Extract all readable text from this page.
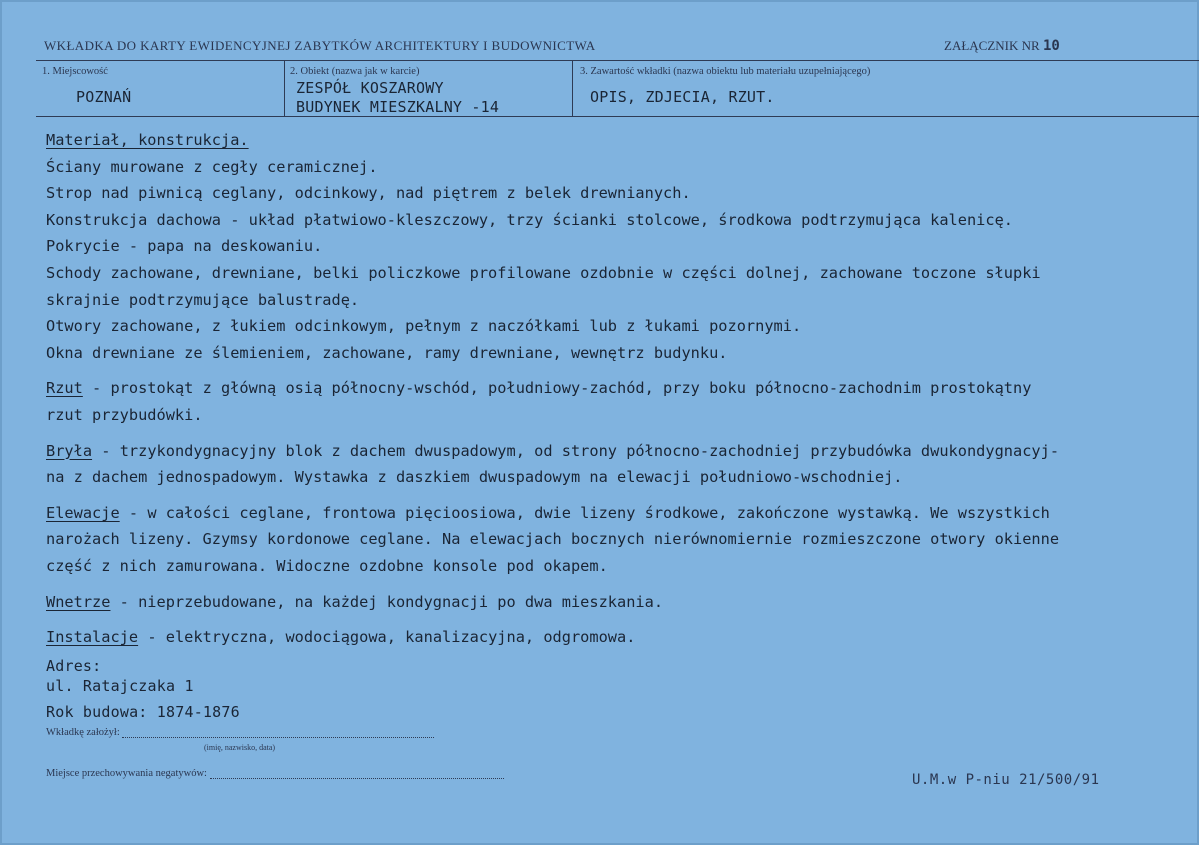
WKŁADKA DO KARTY EWIDENCYJNEJ ZABYTKÓW ARCHITEKTURY I BUDOWNICTWA	ZAŁĄCZNIK NR 10
1. Miejscowość
POZNAŃ
2. Obiekt (nazwa jak w karcie)
ZESPÓŁ KOSZAROWY
BUDYNEK MIESZKALNY -14
3. Zawartość wkładki (nazwa obiektu lub materiału uzupełniającego)
OPIS, ZDJECIA, RZUT.

Materiał, konstrukcja.

Ściany murowane z cegły ceramicznej.

Strop nad piwnicą ceglany, odcinkowy, nad piętrem z belek drewnianych.

Konstrukcja dachowa - układ płatwiowo-kleszczowy, trzy ścianki stolcowe, środkowa podtrzymująca kalenicę.

Pokrycie - papa na deskowaniu.

Schody zachowane, drewniane, belki policzkowe profilowane ozdobnie w części dolnej, zachowane toczone słupki

skrajnie podtrzymujące balustradę.

Otwory zachowane, z łukiem odcinkowym, pełnym z naczółkami lub z łukami pozornymi.

Okna drewniane ze ślemieniem, zachowane, ramy drewniane, wewnętrz budynku.

Rzut - prostokąt z główną osią północny-wschód, południowy-zachód, przy boku północno-zachodnim prostokątny

rzut przybudówki.

Bryła - trzykondygnacyjny blok z dachem dwuspadowym, od strony północno-zachodniej przybudówka dwukondygnacyj-

na z dachem jednospadowym. Wystawka z daszkiem dwuspadowym na elewacji południowo-wschodniej.

Elewacje - w całości ceglane, frontowa pięcioosiowa, dwie lizeny środkowe, zakończone wystawką. We wszystkich

narożach lizeny. Gzymsy kordonowe ceglane. Na elewacjach bocznych nierównomiernie rozmieszczone otwory okienne

część z nich zamurowana. Widoczne ozdobne konsole pod okapem.

Wnetrze - nieprzebudowane, na każdej kondygnacji po dwa mieszkania.

Instalacje - elektryczna, wodociągowa, kanalizacyjna, odgromowa.

Adres:
ul. Ratajczaka 1
Rok budowa: 1874-1876
Wkładkę założył:
(imię, nazwisko, data)
Miejsce przechowywania negatywów:	U.M.w P-niu 21/500/91
